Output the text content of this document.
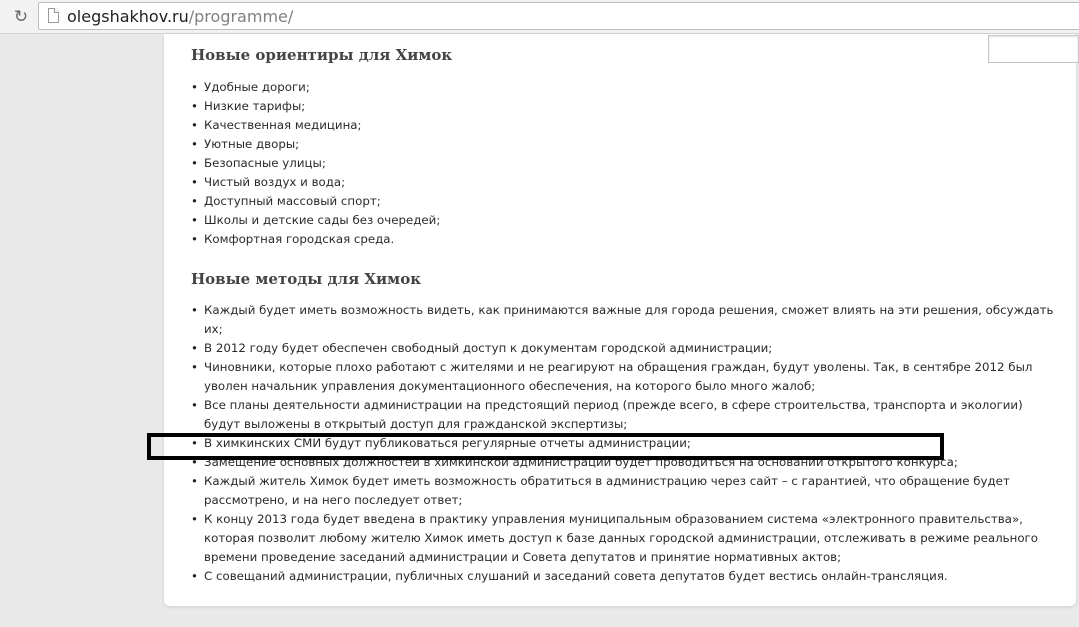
↻ olegshakhov.ru/programme/
Новые ориентиры для Химок
• Удобные дороги;
• Низкие тарифы;
• Качественная медицина;
• Уютные дворы;
• Безопасные улицы;
• Чистый воздух и вода;
• Доступный массовый спорт;
• Школы и детские сады без очередей;
• Комфортная городская среда.
Новые методы для Химок
• Каждый будет иметь возможность видеть, как принимаются важные для города решения, сможет влиять на эти решения, обсуждать их;
• В 2012 году будет обеспечен свободный доступ к документам городской администрации;
• Чиновники, которые плохо работают с жителями и не реагируют на обращения граждан, будут уволены. Так, в сентябре 2012 был уволен начальник управления документационного обеспечения, на которого было много жалоб;
• Все планы деятельности администрации на предстоящий период (прежде всего, в сфере строительства, транспорта и экологии) будут выложены в открытый доступ для гражданской экспертизы;
• В химкинских СМИ будут публиковаться регулярные отчеты администрации;
• Замещение основных должностей в химкинской администрации будет проводиться на основании открытого конкурса;
• Каждый житель Химок будет иметь возможность обратиться в администрацию через сайт – с гарантией, что обращение будет рассмотрено, и на него последует ответ;
• К концу 2013 года будет введена в практику управления муниципальным образованием система «электронного правительства», которая позволит любому жителю Химок иметь доступ к базе данных городской администрации, отслеживать в режиме реального времени проведение заседаний администрации и Совета депутатов и принятие нормативных актов;
• С совещаний администрации, публичных слушаний и заседаний совета депутатов будет вестись онлайн-трансляция.
